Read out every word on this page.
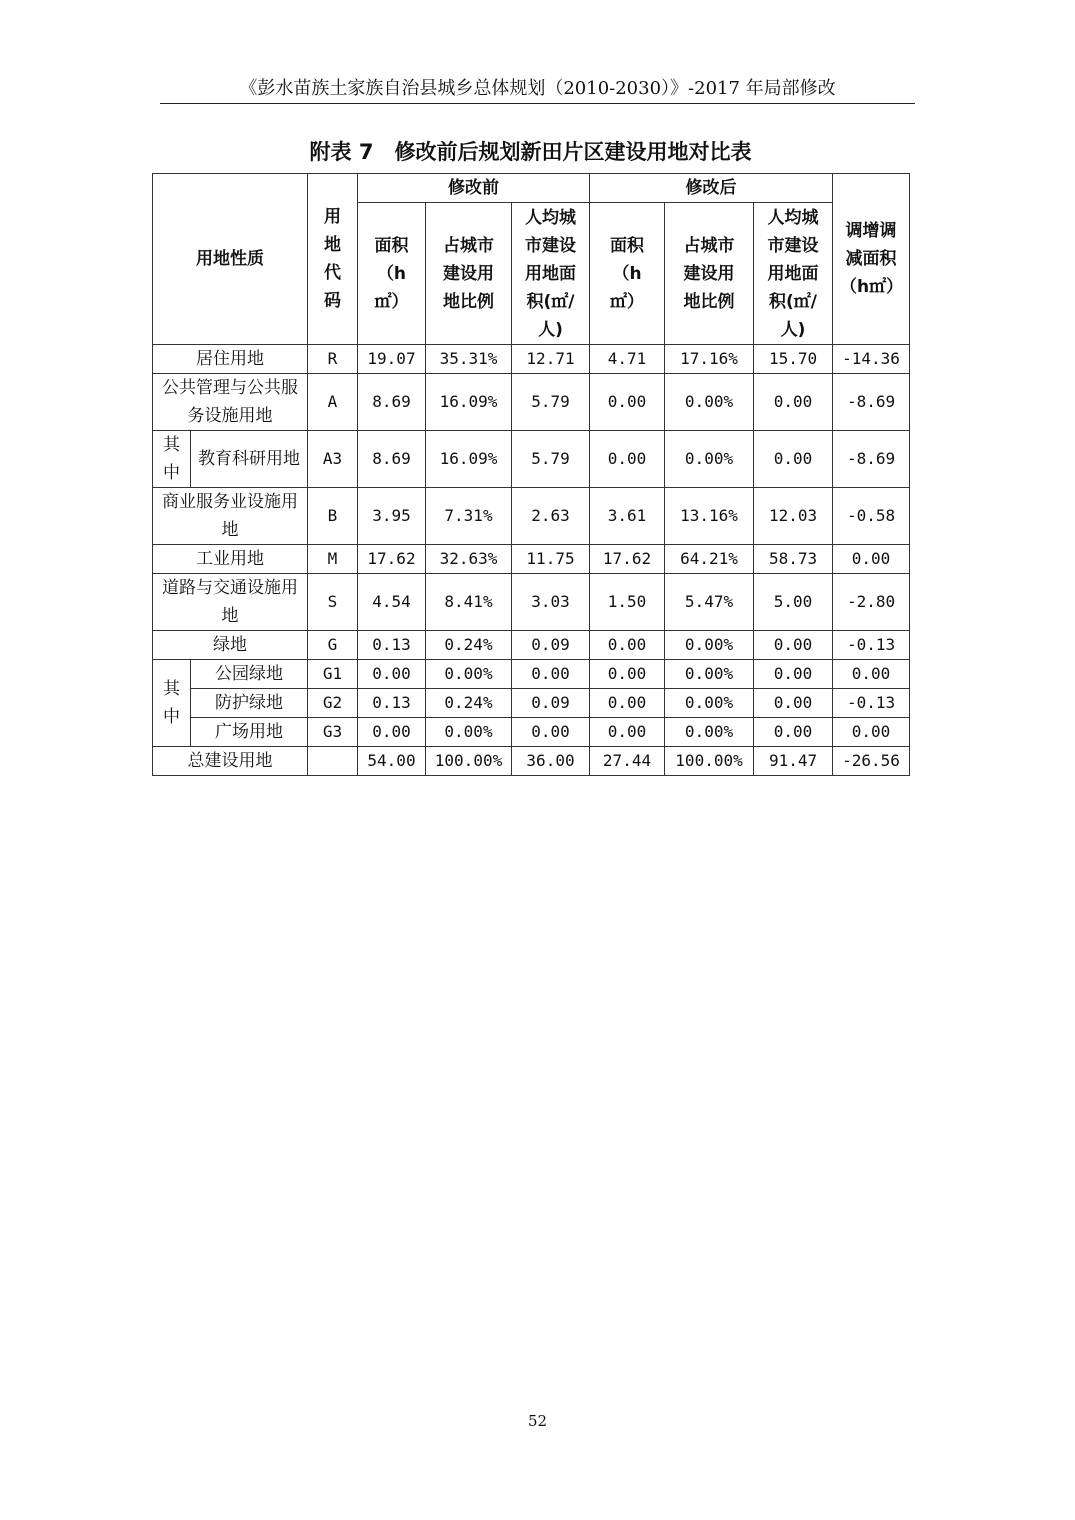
《彭水苗族土家族自治县城乡总体规划（2010-2030）》-2017 年局部修改
附表 7　修改前后规划新田片区建设用地对比表
用地性质		用地代码	修改前			修改后			调增调减面积（h㎡）
			面积（h㎡）	占城市建设用地比例	人均城市建设用地面积(㎡/人)	面积（h㎡）	占城市建设用地比例	人均城市建设用地面积(㎡/人)	
居住用地		R	19.07	35.31%	12.71	4.71	17.16%	15.70	-14.36
公共管理与公共服务设施用地		A	8.69	16.09%	5.79	0.00	0.00%	0.00	-8.69
其中	教育科研用地	A3	8.69	16.09%	5.79	0.00	0.00%	0.00	-8.69
商业服务业设施用地		B	3.95	7.31%	2.63	3.61	13.16%	12.03	-0.58
工业用地		M	17.62	32.63%	11.75	17.62	64.21%	58.73	0.00
道路与交通设施用地		S	4.54	8.41%	3.03	1.50	5.47%	5.00	-2.80
绿地		G	0.13	0.24%	0.09	0.00	0.00%	0.00	-0.13
其中	公园绿地	G1	0.00	0.00%	0.00	0.00	0.00%	0.00	0.00
	防护绿地	G2	0.13	0.24%	0.09	0.00	0.00%	0.00	-0.13
	广场用地	G3	0.00	0.00%	0.00	0.00	0.00%	0.00	0.00
总建设用地			54.00	100.00%	36.00	27.44	100.00%	91.47	-26.56
52
